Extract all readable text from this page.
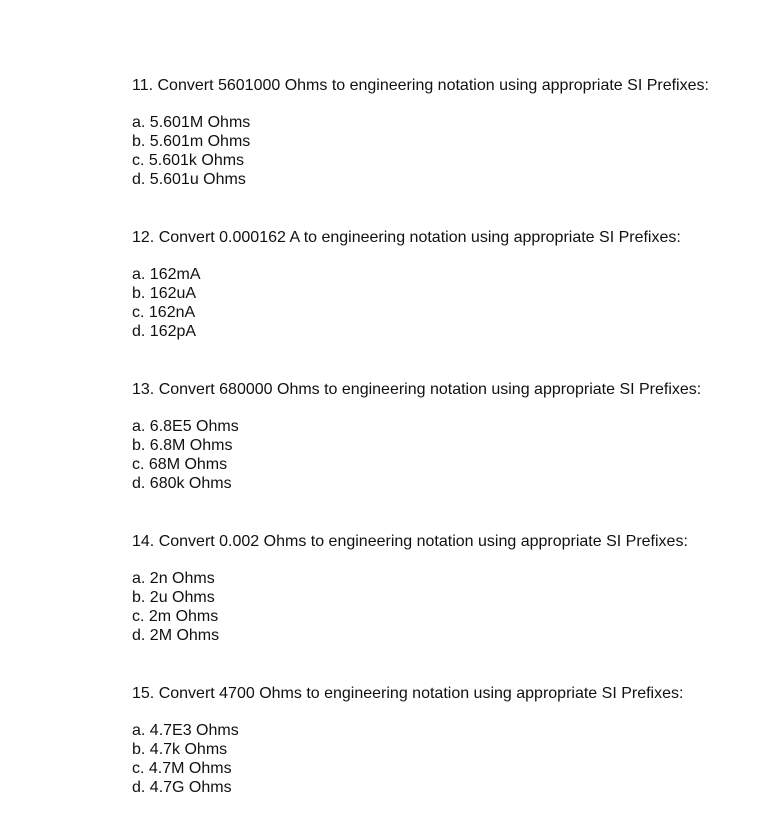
11. Convert 5601000 Ohms to engineering notation using appropriate SI Prefixes:

a. 5.601M Ohms
b. 5.601m Ohms
c. 5.601k Ohms
d. 5.601u Ohms

12. Convert 0.000162 A to engineering notation using appropriate SI Prefixes:

a. 162mA
b. 162uA
c. 162nA
d. 162pA

13. Convert 680000 Ohms to engineering notation using appropriate SI Prefixes:

a. 6.8E5 Ohms
b. 6.8M Ohms
c. 68M Ohms
d. 680k Ohms

14. Convert 0.002 Ohms to engineering notation using appropriate SI Prefixes:

a. 2n Ohms
b. 2u Ohms
c. 2m Ohms
d. 2M Ohms

15. Convert 4700 Ohms to engineering notation using appropriate SI Prefixes:

a. 4.7E3 Ohms
b. 4.7k Ohms
c. 4.7M Ohms
d. 4.7G Ohms
